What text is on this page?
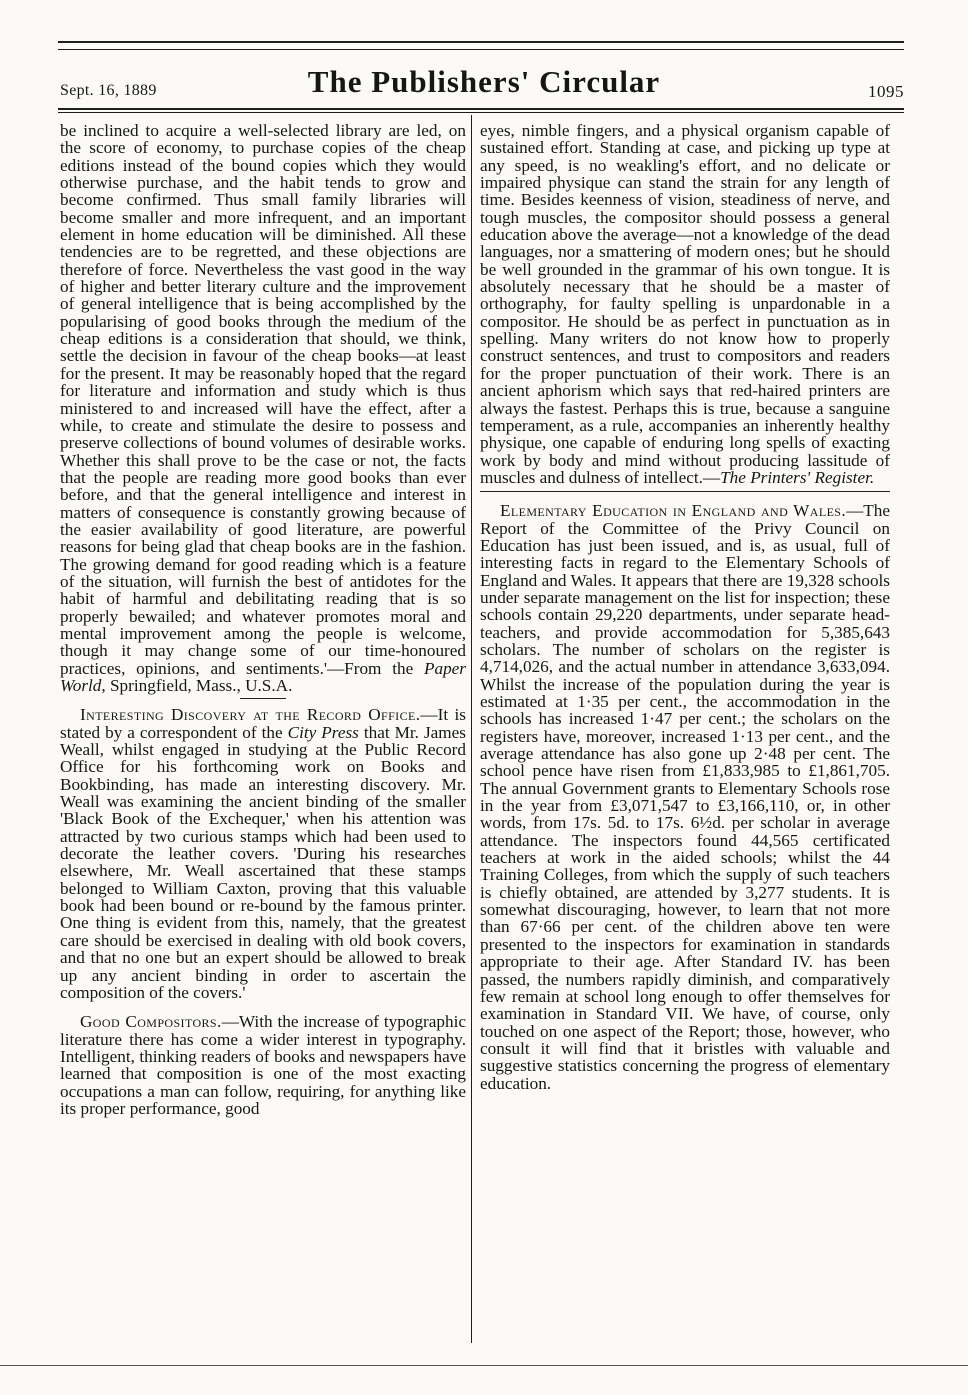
Sept. 16, 1889	The Publishers' Circular	1095

be inclined to acquire a well-selected library are led, on the score of economy, to purchase copies of the cheap editions instead of the bound copies which they would otherwise purchase, and the habit tends to grow and become confirmed. Thus small family libraries will become smaller and more infrequent, and an important element in home education will be diminished. All these tendencies are to be regretted, and these objections are therefore of force. Nevertheless the vast good in the way of higher and better literary culture and the improvement of general intelligence that is being accomplished by the popularising of good books through the medium of the cheap editions is a consideration that should, we think, settle the decision in favour of the cheap books—at least for the present. It may be reasonably hoped that the regard for literature and information and study which is thus ministered to and increased will have the effect, after a while, to create and stimulate the desire to possess and preserve collections of bound volumes of desirable works. Whether this shall prove to be the case or not, the facts that the people are reading more good books than ever before, and that the general intelligence and interest in matters of consequence is constantly growing because of the easier availability of good literature, are powerful reasons for being glad that cheap books are in the fashion. The growing demand for good reading which is a feature of the situation, will furnish the best of antidotes for the habit of harmful and debilitating reading that is so properly bewailed; and whatever promotes moral and mental improvement among the people is welcome, though it may change some of our time-honoured practices, opinions, and sentiments.'—From the Paper World, Springfield, Mass., U.S.A.

Interesting Discovery at the Record Office.—It is stated by a correspondent of the City Press that Mr. James Weall, whilst engaged in studying at the Public Record Office for his forthcoming work on Books and Bookbinding, has made an interesting discovery. Mr. Weall was examining the ancient binding of the smaller 'Black Book of the Exchequer,' when his attention was attracted by two curious stamps which had been used to decorate the leather covers. 'During his researches elsewhere, Mr. Weall ascertained that these stamps belonged to William Caxton, proving that this valuable book had been bound or re-bound by the famous printer. One thing is evident from this, namely, that the greatest care should be exercised in dealing with old book covers, and that no one but an expert should be allowed to break up any ancient binding in order to ascertain the composition of the covers.'

Good Compositors.—With the increase of typographic literature there has come a wider interest in typography. Intelligent, thinking readers of books and newspapers have learned that composition is one of the most exacting occupations a man can follow, requiring, for anything like its proper performance, good

eyes, nimble fingers, and a physical organism capable of sustained effort. Standing at case, and picking up type at any speed, is no weakling's effort, and no delicate or impaired physique can stand the strain for any length of time. Besides keenness of vision, steadiness of nerve, and tough muscles, the compositor should possess a general education above the average—not a knowledge of the dead languages, nor a smattering of modern ones; but he should be well grounded in the grammar of his own tongue. It is absolutely necessary that he should be a master of orthography, for faulty spelling is unpardonable in a compositor. He should be as perfect in punctuation as in spelling. Many writers do not know how to properly construct sentences, and trust to compositors and readers for the proper punctuation of their work. There is an ancient aphorism which says that red-haired printers are always the fastest. Perhaps this is true, because a sanguine temperament, as a rule, accompanies an inherently healthy physique, one capable of enduring long spells of exacting work by body and mind without producing lassitude of muscles and dulness of intellect.—The Printers' Register.

Elementary Education in England and Wales.—The Report of the Committee of the Privy Council on Education has just been issued, and is, as usual, full of interesting facts in regard to the Elementary Schools of England and Wales. It appears that there are 19,328 schools under separate management on the list for inspection; these schools contain 29,220 departments, under separate head-teachers, and provide accommodation for 5,385,643 scholars. The number of scholars on the register is 4,714,026, and the actual number in attendance 3,633,094. Whilst the increase of the population during the year is estimated at 1·35 per cent., the accommodation in the schools has increased 1·47 per cent.; the scholars on the registers have, moreover, increased 1·13 per cent., and the average attendance has also gone up 2·48 per cent. The school pence have risen from £1,833,985 to £1,861,705. The annual Government grants to Elementary Schools rose in the year from £3,071,547 to £3,166,110, or, in other words, from 17s. 5d. to 17s. 6½d. per scholar in average attendance. The inspectors found 44,565 certificated teachers at work in the aided schools; whilst the 44 Training Colleges, from which the supply of such teachers is chiefly obtained, are attended by 3,277 students. It is somewhat discouraging, however, to learn that not more than 67·66 per cent. of the children above ten were presented to the inspectors for examination in standards appropriate to their age. After Standard IV. has been passed, the numbers rapidly diminish, and comparatively few remain at school long enough to offer themselves for examination in Standard VII. We have, of course, only touched on one aspect of the Report; those, however, who consult it will find that it bristles with valuable and suggestive statistics concerning the progress of elementary education.
